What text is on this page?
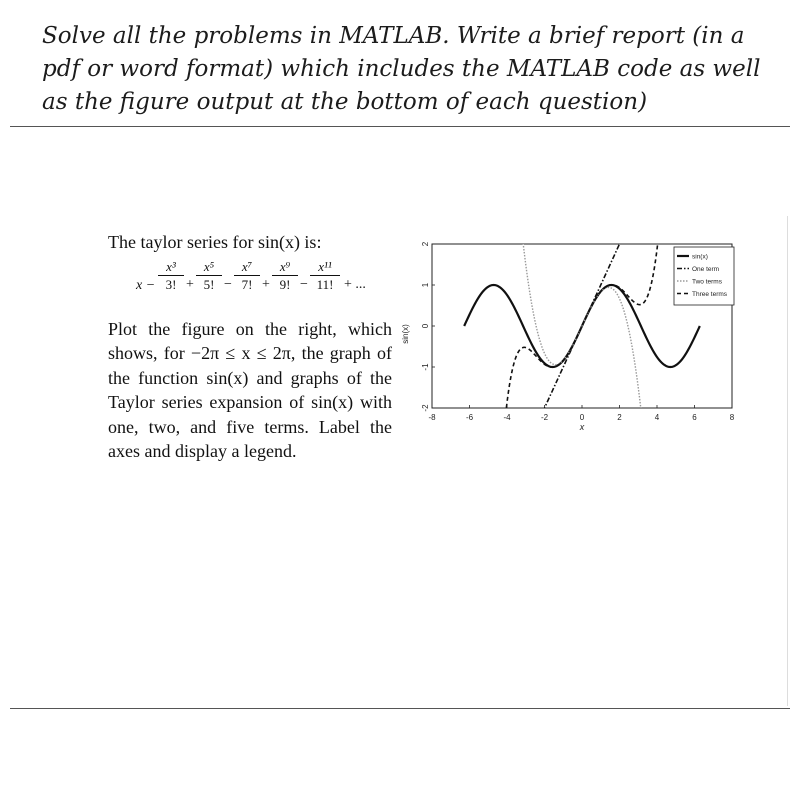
Solve all the problems in MATLAB. Write a brief report (in a pdf or word format) which includes the MATLAB code as well as the figure output at the bottom of each question)

The taylor series for sin(x) is:

$x - \frac{\text{x³}}{3!} + \frac{\text{x⁵}}{5!} - \frac{\text{x⁷}}{7!} + \frac{\text{x⁹}}{9!} - \frac{\text{x¹¹}}{11!}$ + ...

Plot the figure on the right, which shows, for −2π ≤ x ≤ 2π, the graph of the function sin(x) and graphs of the Taylor series expansion of sin(x) with one, two, and five terms. Label the axes and display a legend.

-8	-6	-4	-2	0	2	4	6	8
-2
-1
0
1
2
x
sin(x)
sin(x)
One term
Two terms
Three terms
